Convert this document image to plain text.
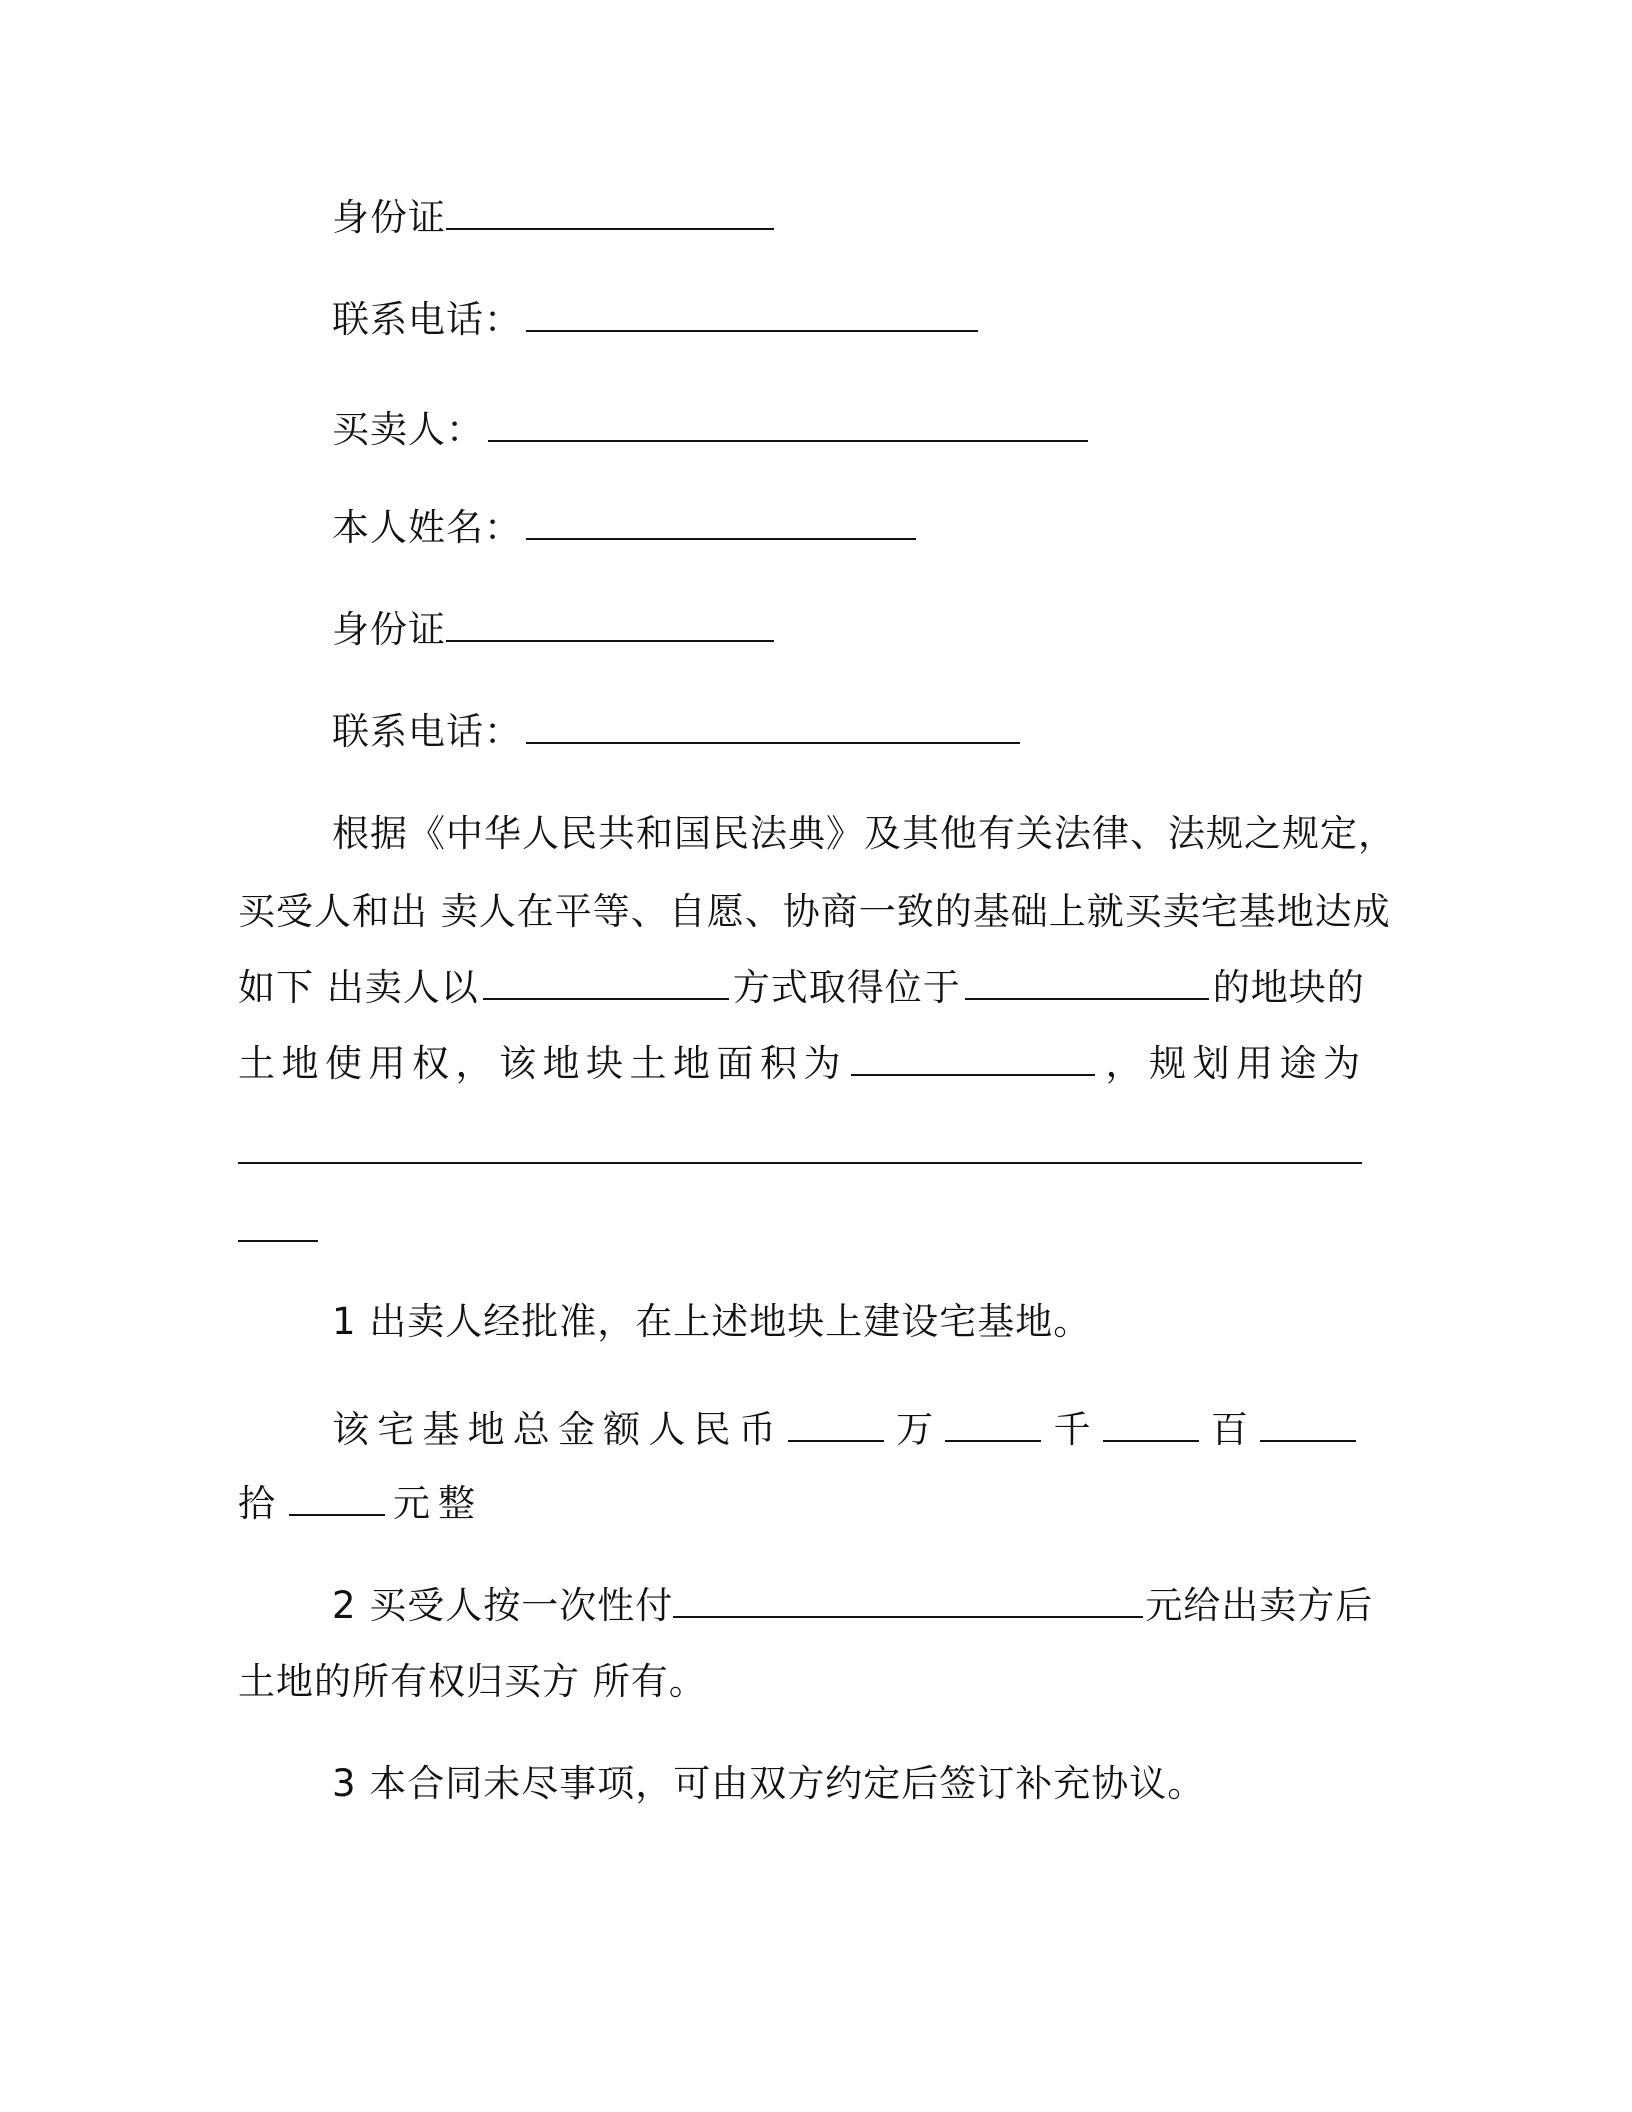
身份证
联系电话：
买卖人：
本人姓名：
身份证
联系电话：
根据《中华人民共和国民法典》及其他有关法律、法规之规定，
买受人和出 卖人在平等、自愿、协商一致的基础上就买卖宅基地达成
如下 出卖人以	方式取得位于	的地块的
土 地 使 用 权 ， 该 地 块 土 地 面 积 为	， 规 划 用 途 为
1 出卖人经批准，在上述地块上建设宅基地。
该 宅 基 地 总 金 额 人 民 币	万	千	百
拾	元整
2 买受人按一次性付	元给出卖方后
土地的所有权归买方 所有。
3 本合同未尽事项，可由双方约定后签订补充协议。
